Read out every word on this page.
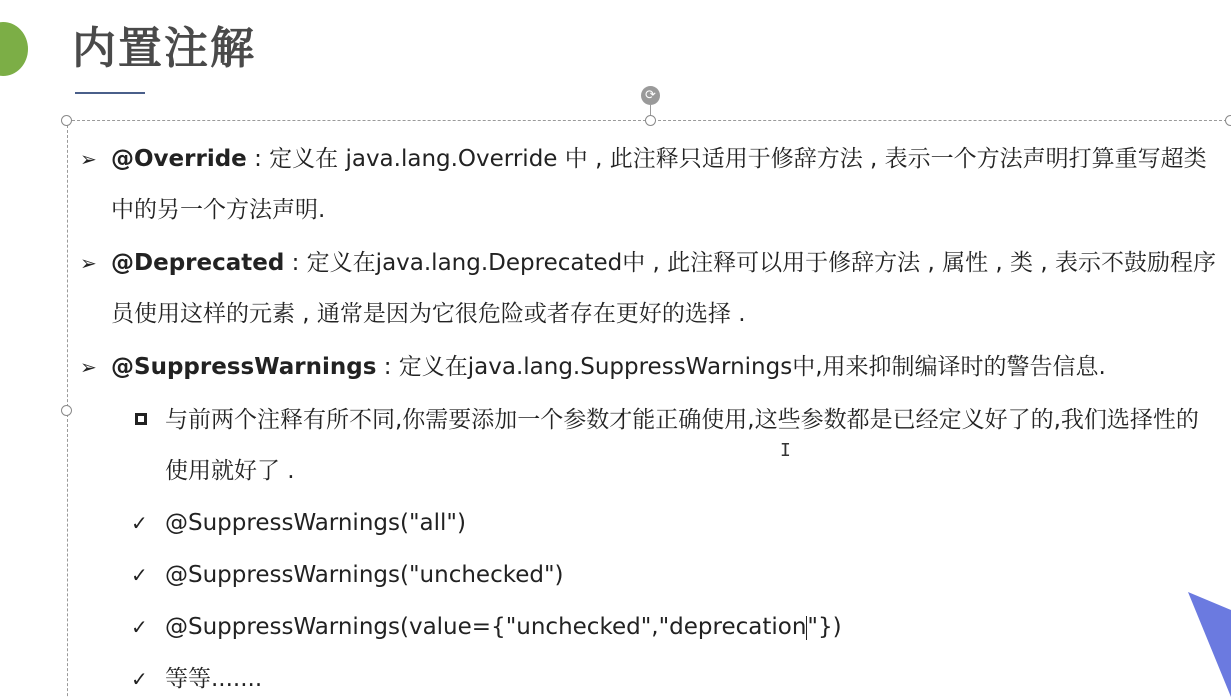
内置注解
⟳
➢ @Override : 定义在 java.lang.Override 中 , 此注释只适用于修辞方法 , 表示一个方法声明打算重写超类中的另一个方法声明.
➢ @Deprecated : 定义在java.lang.Deprecated中 , 此注释可以用于修辞方法 , 属性 , 类 , 表示不鼓励程序员使用这样的元素 , 通常是因为它很危险或者存在更好的选择 .
➢ @SuppressWarnings : 定义在java.lang.SuppressWarnings中,用来抑制编译时的警告信息.
与前两个注释有所不同,你需要添加一个参数才能正确使用,这些参数都是已经定义好了的,我们选择性的使用就好了 .
✓ @SuppressWarnings("all")
✓ @SuppressWarnings("unchecked")
✓ @SuppressWarnings(value={"unchecked","deprecation"})
✓ 等等.......
I
